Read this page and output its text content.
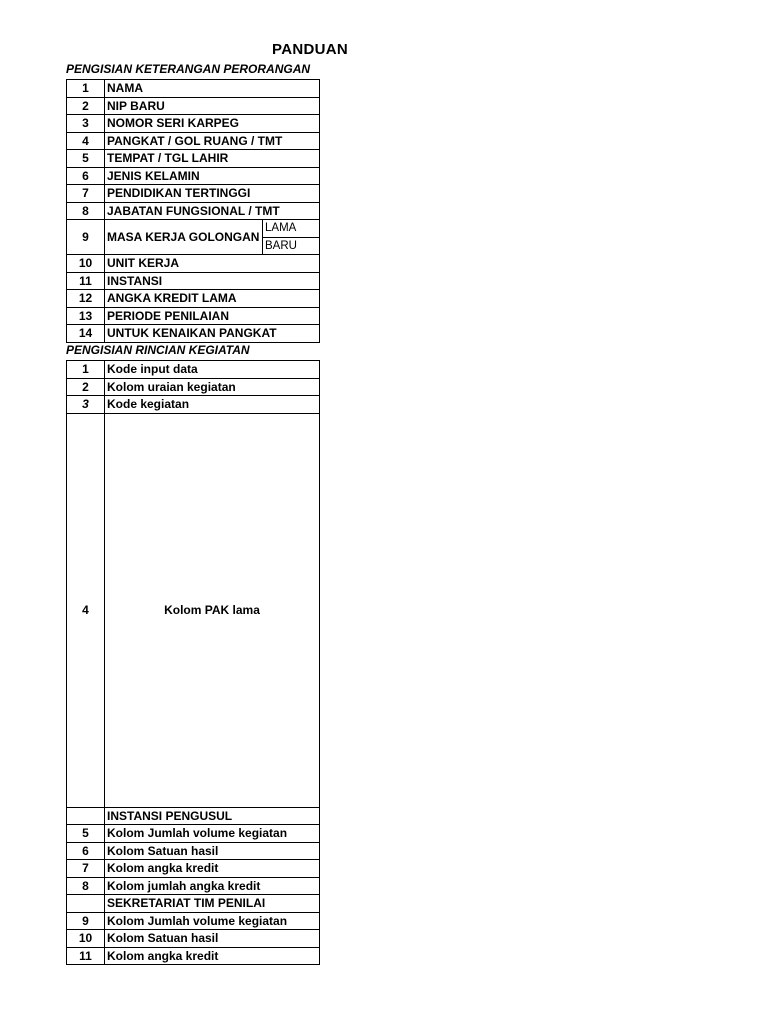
PANDUAN
PENGISIAN KETERANGAN PERORANGAN
1	NAMA	
2	NIP BARU	
3	NOMOR SERI KARPEG	
4	PANGKAT / GOL RUANG / TMT	
5	TEMPAT / TGL LAHIR	
6	JENIS KELAMIN	
7	PENDIDIKAN TERTINGGI	
8	JABATAN FUNGSIONAL / TMT	
9	MASA KERJA GOLONGAN	LAMA
		BARU
10	UNIT KERJA	
11	INSTANSI	
12	ANGKA KREDIT LAMA	
13	PERIODE PENILAIAN	
14	UNTUK KENAIKAN PANGKAT	
PENGISIAN RINCIAN KEGIATAN
1	Kode input data
2	Kolom uraian kegiatan
3	Kode kegiatan
4	Kolom PAK lama
	INSTANSI PENGUSUL
5	Kolom Jumlah volume kegiatan
6	Kolom Satuan hasil
7	Kolom angka kredit
8	Kolom jumlah angka kredit
	SEKRETARIAT TIM PENILAI
9	Kolom Jumlah volume kegiatan
10	Kolom Satuan hasil
11	Kolom angka kredit
